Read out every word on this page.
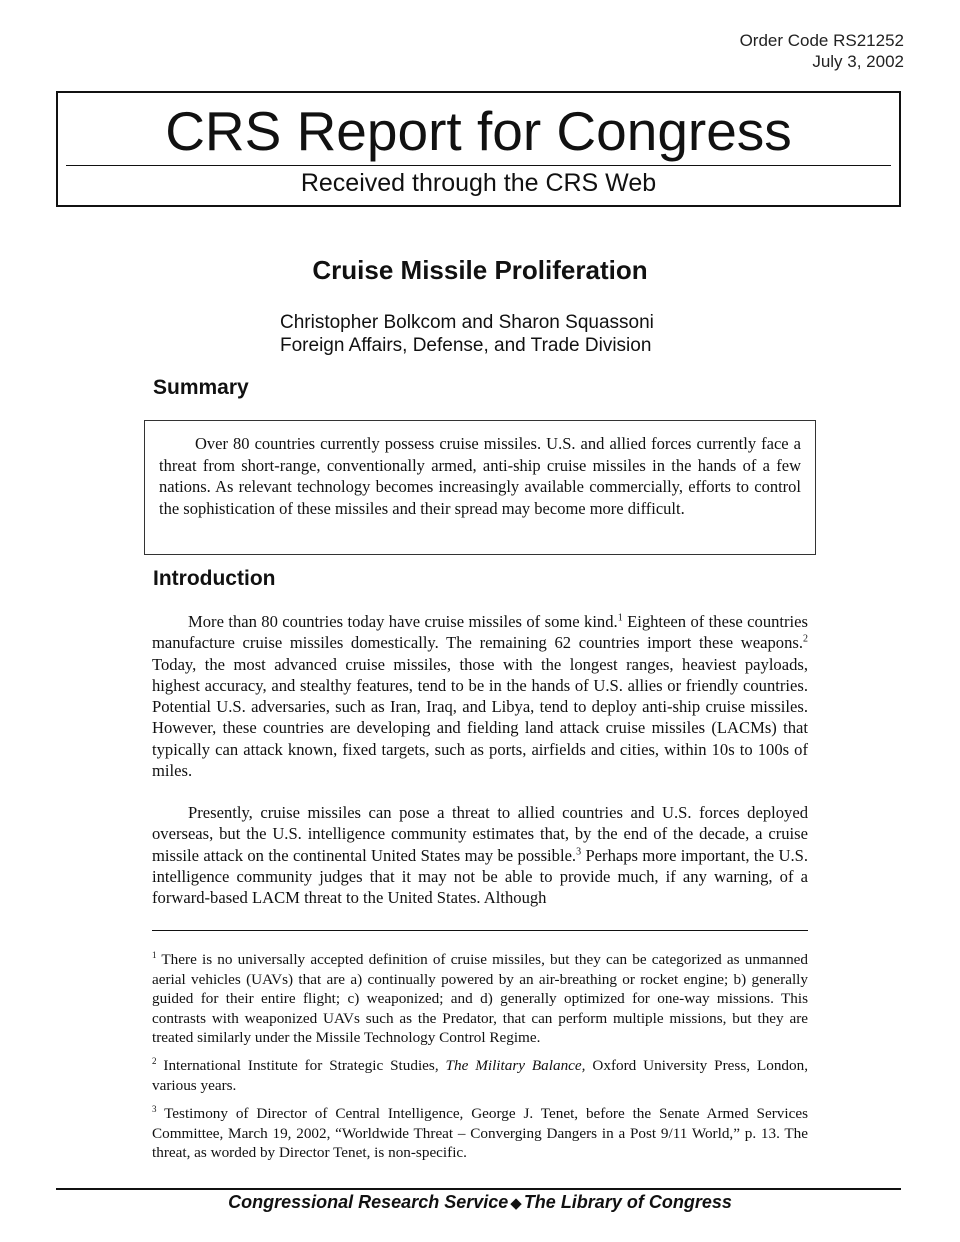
Order Code RS21252
July 3, 2002
CRS Report for Congress
Received through the CRS Web
Cruise Missile Proliferation
Christopher Bolkcom and Sharon Squassoni
Foreign Affairs, Defense, and Trade Division
Summary

Over 80 countries currently possess cruise missiles. U.S. and allied forces currently face a threat from short-range, conventionally armed, anti-ship cruise missiles in the hands of a few nations. As relevant technology becomes increasingly available commercially, efforts to control the sophistication of these missiles and their spread may become more difficult.

Introduction

More than 80 countries today have cruise missiles of some kind.$^1$ Eighteen of these countries manufacture cruise missiles domestically. The remaining 62 countries import these weapons.$^2$ Today, the most advanced cruise missiles, those with the longest ranges, heaviest payloads, highest accuracy, and stealthy features, tend to be in the hands of U.S. allies or friendly countries. Potential U.S. adversaries, such as Iran, Iraq, and Libya, tend to deploy anti-ship cruise missiles. However, these countries are developing and fielding land attack cruise missiles (LACMs) that typically can attack known, fixed targets, such as ports, airfields and cities, within 10s to 100s of miles.

Presently, cruise missiles can pose a threat to allied countries and U.S. forces deployed overseas, but the U.S. intelligence community estimates that, by the end of the decade, a cruise missile attack on the continental United States may be possible.$^3$ Perhaps more important, the U.S. intelligence community judges that it may not be able to provide much, if any warning, of a forward-based LACM threat to the United States. Although

$^1$ There is no universally accepted definition of cruise missiles, but they can be categorized as unmanned aerial vehicles (UAVs) that are a) continually powered by an air-breathing or rocket engine; b) generally guided for their entire flight; c) weaponized; and d) generally optimized for one-way missions. This contrasts with weaponized UAVs such as the Predator, that can perform multiple missions, but they are treated similarly under the Missile Technology Control Regime.

$^2$ International Institute for Strategic Studies, The Military Balance, Oxford University Press, London, various years.

$^3$ Testimony of Director of Central Intelligence, George J. Tenet, before the Senate Armed Services Committee, March 19, 2002, “Worldwide Threat – Converging Dangers in a Post 9/11 World,” p. 13. The threat, as worded by Director Tenet, is non-specific.

Congressional Research Service ◆ The Library of Congress
